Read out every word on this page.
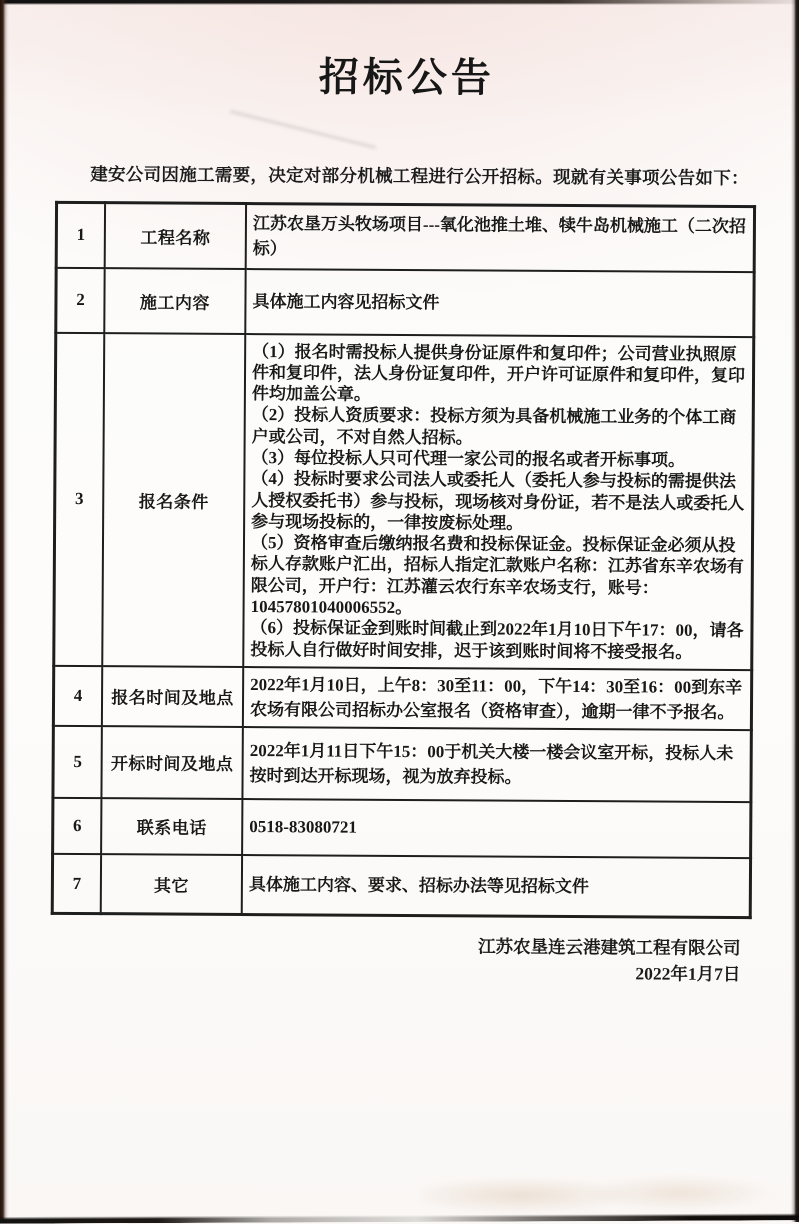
招标公告

建安公司因施工需要，决定对部分机械工程进行公开招标。现就有关事项公告如下：

1	工程名称	江苏农垦万头牧场项目---氧化池推土堆、犊牛岛机械施工（二次招标）
2	施工内容	具体施工内容见招标文件
3	报名条件	（1）报名时需投标人提供身份证原件和复印件；公司营业执照原件和复印件，法人身份证复印件，开户许可证原件和复印件，复印件均加盖公章。
（2）投标人资质要求：投标方须为具备机械施工业务的个体工商户或公司，不对自然人招标。
（3）每位投标人只可代理一家公司的报名或者开标事项。
（4）投标时要求公司法人或委托人（委托人参与投标的需提供法人授权委托书）参与投标，现场核对身份证，若不是法人或委托人参与现场投标的，一律按废标处理。
（5）资格审查后缴纳报名费和投标保证金。投标保证金必须从投标人存款账户汇出，招标人指定汇款账户名称：江苏省东辛农场有限公司，开户行：江苏灌云农行东辛农场支行，账号：10457801040006552。
（6）投标保证金到账时间截止到2022年1月10日下午17：00，请各投标人自行做好时间安排，迟于该到账时间将不接受报名。
4	报名时间及地点	2022年1月10日，上午8：30至11：00，下午14：30至16：00到东辛农场有限公司招标办公室报名（资格审查），逾期一律不予报名。
5	开标时间及地点	2022年1月11日下午15：00于机关大楼一楼会议室开标，投标人未按时到达开标现场，视为放弃投标。
6	联系电话	0518-83080721
7	其它	具体施工内容、要求、招标办法等见招标文件
江苏农垦连云港建筑工程有限公司
2022年1月7日
